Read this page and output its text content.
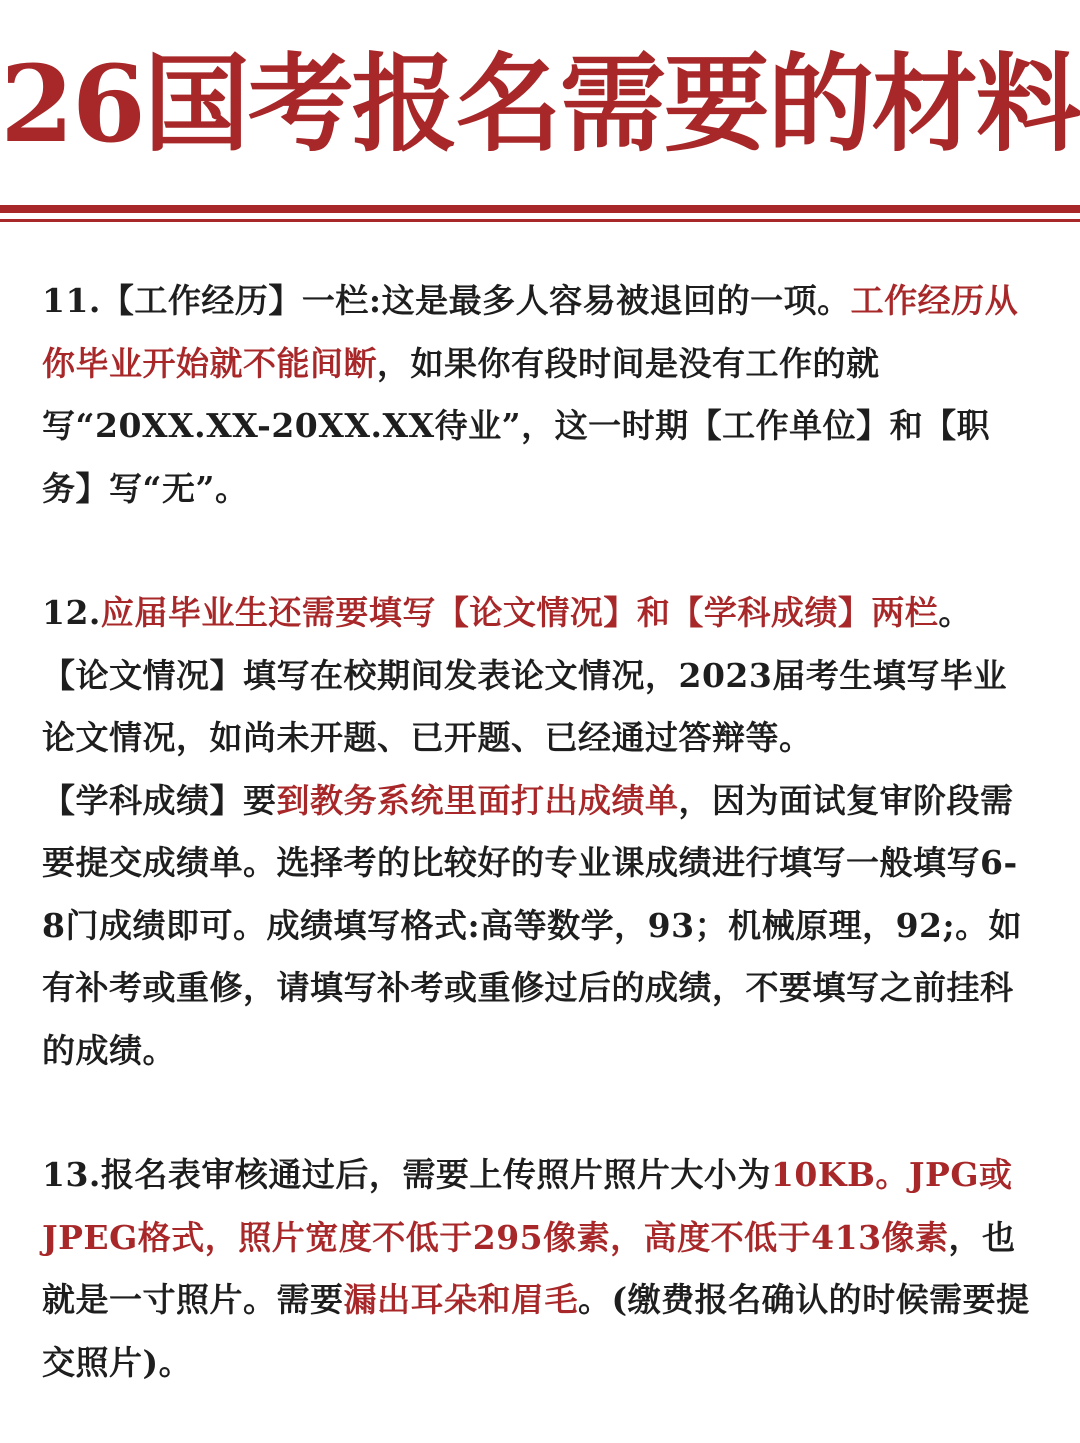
26国考报名需要的材料

11.【工作经历】一栏:这是最多人容易被退回的一项。工作经历从你毕业开始就不能间断，如果你有段时间是没有工作的就写“20XX.XX-20XX.XX待业”，这一时期【工作单位】和【职务】写“无”。

12.应届毕业生还需要填写【论文情况】和【学科成绩】两栏。

【论文情况】填写在校期间发表论文情况，2023届考生填写毕业论文情况，如尚未开题、已开题、已经通过答辩等。

【学科成绩】要到教务系统里面打出成绩单，因为面试复审阶段需要提交成绩单。选择考的比较好的专业课成绩进行填写一般填写6-8门成绩即可。成绩填写格式:高等数学，93；机械原理，92;。如有补考或重修，请填写补考或重修过后的成绩，不要填写之前挂科的成绩。

13.报名表审核通过后，需要上传照片照片大小为10KB。JPG或JPEG格式，照片宽度不低于295像素，高度不低于413像素，也就是一寸照片。需要漏出耳朵和眉毛。(缴费报名确认的时候需要提交照片)。
